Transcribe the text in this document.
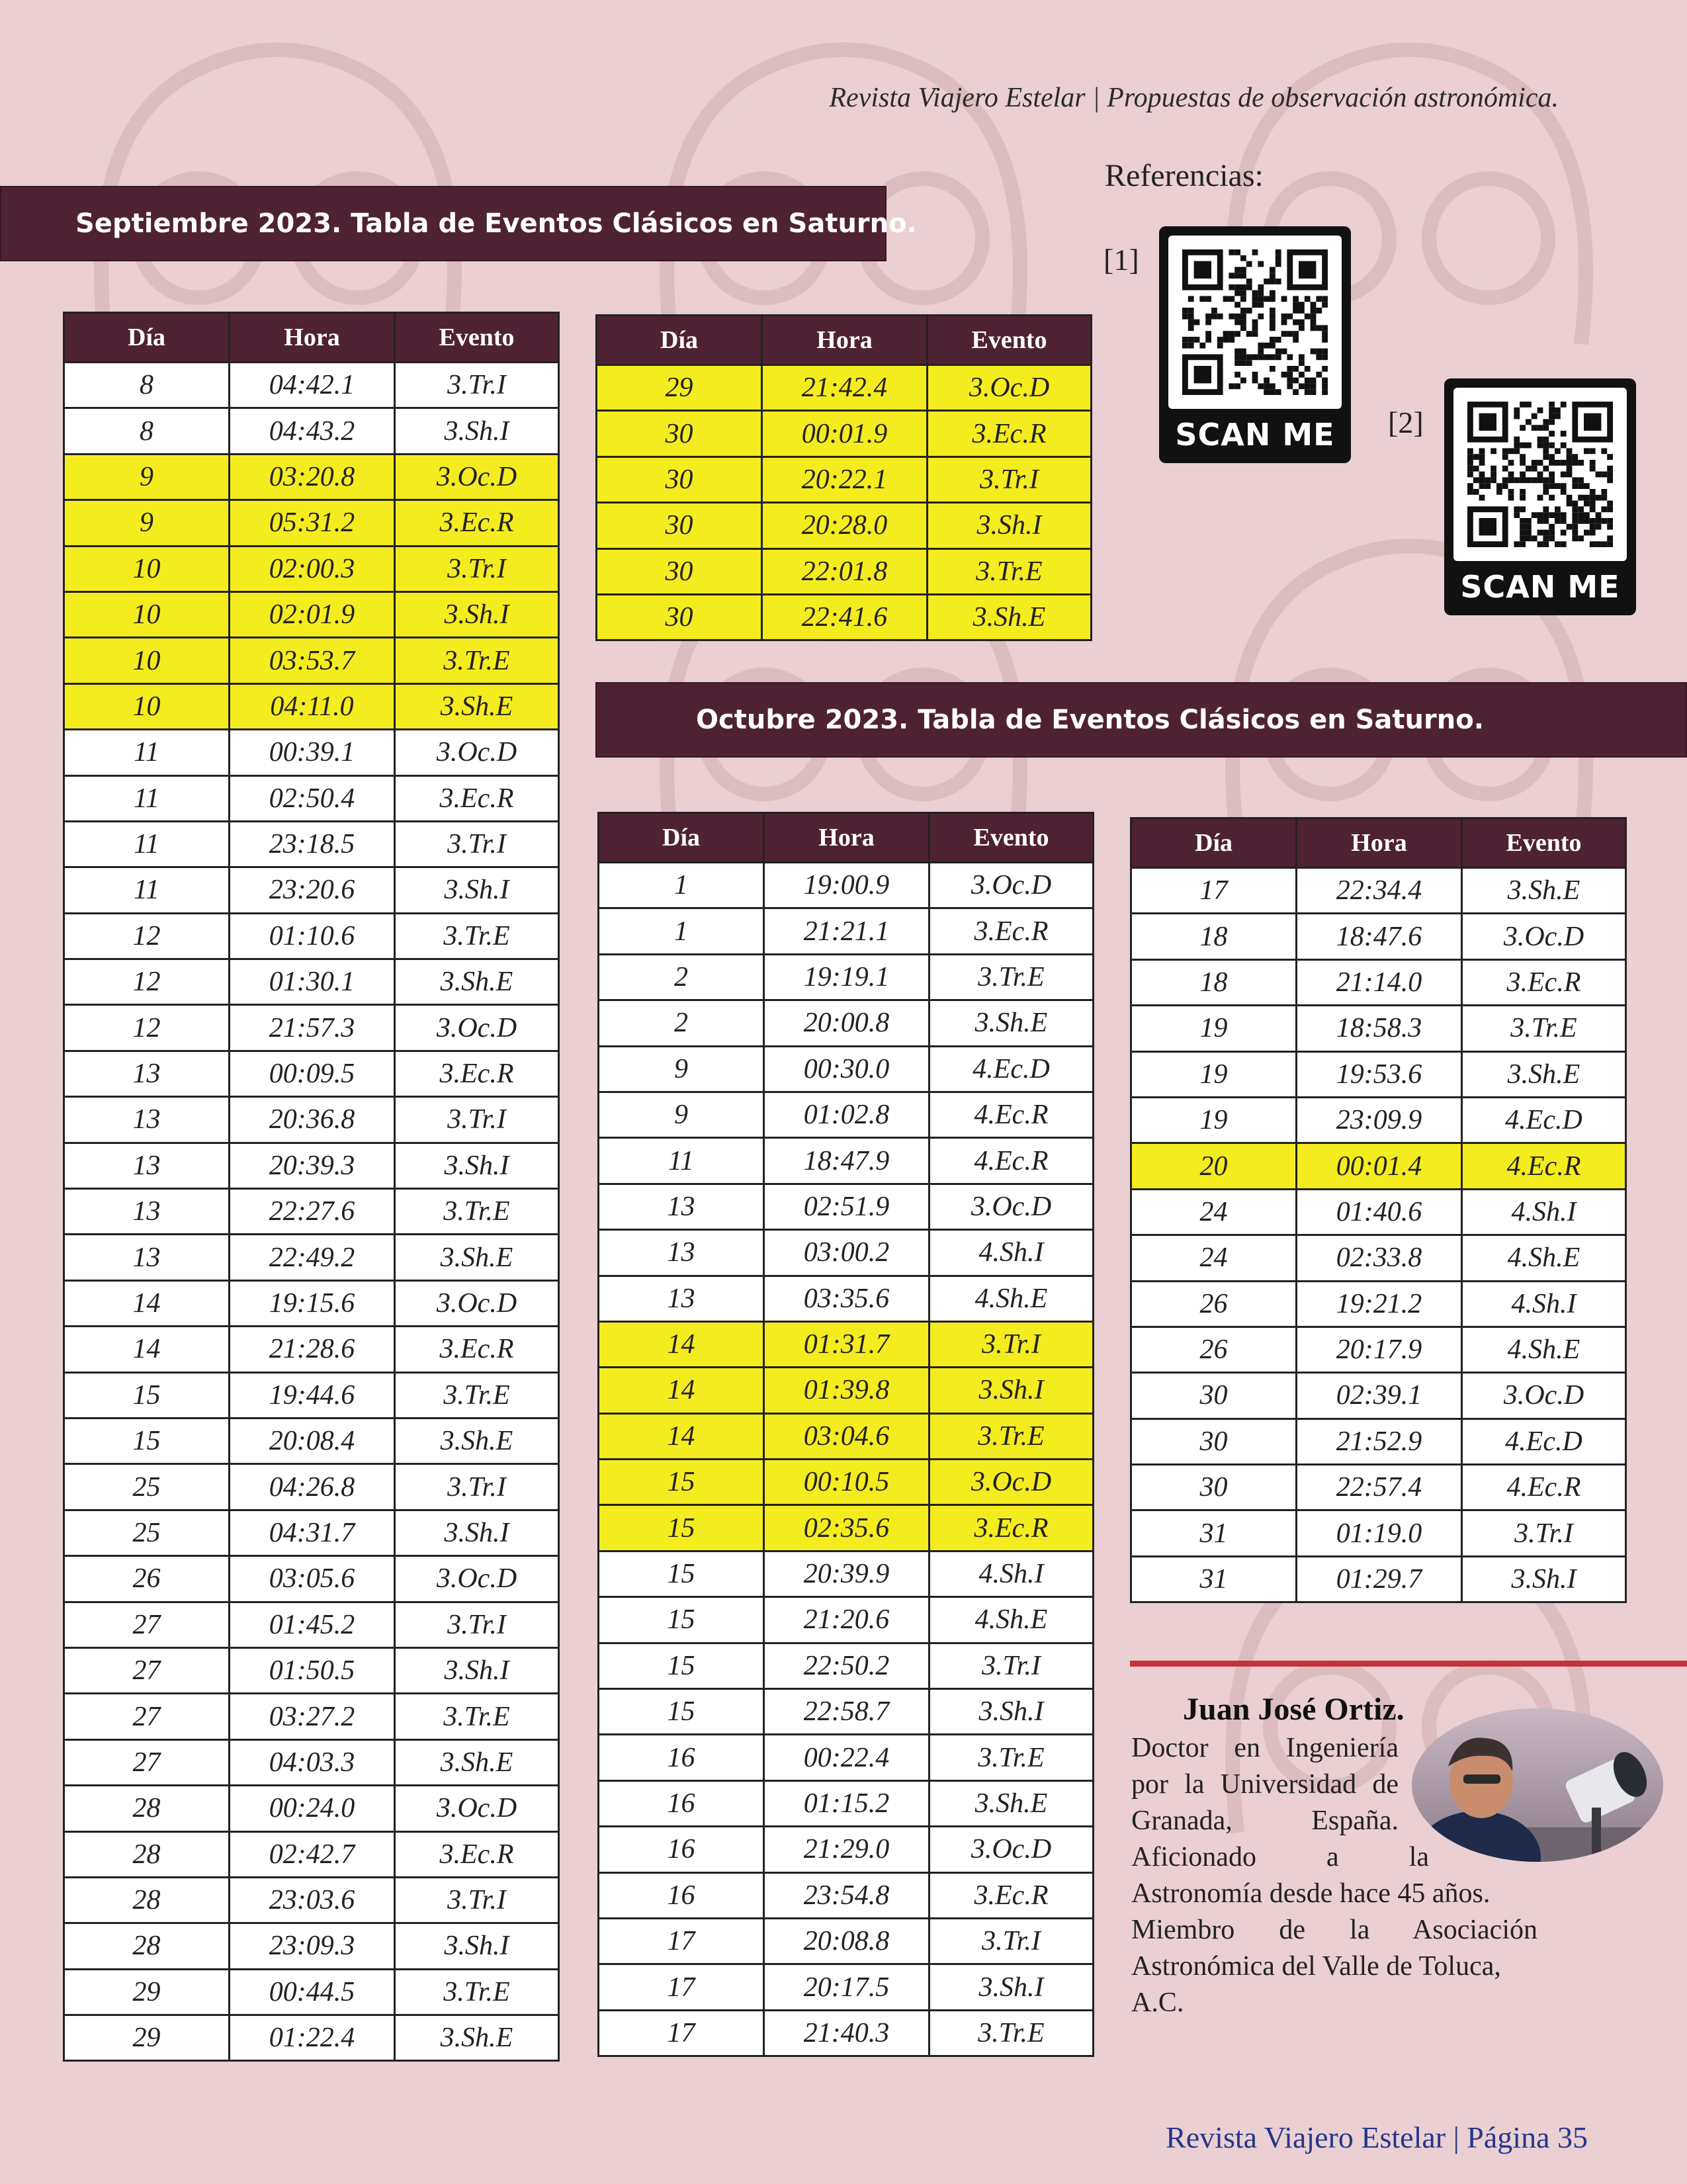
Revista Viajero Estelar | Propuestas de observación astronómica.
Septiembre 2023. Tabla de Eventos Clásicos en Saturno.
Día	Hora	Evento
8	04:42.1	3.Tr.I
8	04:43.2	3.Sh.I
9	03:20.8	3.Oc.D
9	05:31.2	3.Ec.R
10	02:00.3	3.Tr.I
10	02:01.9	3.Sh.I
10	03:53.7	3.Tr.E
10	04:11.0	3.Sh.E
11	00:39.1	3.Oc.D
11	02:50.4	3.Ec.R
11	23:18.5	3.Tr.I
11	23:20.6	3.Sh.I
12	01:10.6	3.Tr.E
12	01:30.1	3.Sh.E
12	21:57.3	3.Oc.D
13	00:09.5	3.Ec.R
13	20:36.8	3.Tr.I
13	20:39.3	3.Sh.I
13	22:27.6	3.Tr.E
13	22:49.2	3.Sh.E
14	19:15.6	3.Oc.D
14	21:28.6	3.Ec.R
15	19:44.6	3.Tr.E
15	20:08.4	3.Sh.E
25	04:26.8	3.Tr.I
25	04:31.7	3.Sh.I
26	03:05.6	3.Oc.D
27	01:45.2	3.Tr.I
27	01:50.5	3.Sh.I
27	03:27.2	3.Tr.E
27	04:03.3	3.Sh.E
28	00:24.0	3.Oc.D
28	02:42.7	3.Ec.R
28	23:03.6	3.Tr.I
28	23:09.3	3.Sh.I
29	00:44.5	3.Tr.E
29	01:22.4	3.Sh.E
Día	Hora	Evento
29	21:42.4	3.Oc.D
30	00:01.9	3.Ec.R
30	20:22.1	3.Tr.I
30	20:28.0	3.Sh.I
30	22:01.8	3.Tr.E
30	22:41.6	3.Sh.E
Referencias:
[1]
SCAN ME [2]
SCAN ME
Octubre 2023. Tabla de Eventos Clásicos en Saturno.
Día	Hora	Evento
1	19:00.9	3.Oc.D
1	21:21.1	3.Ec.R
2	19:19.1	3.Tr.E
2	20:00.8	3.Sh.E
9	00:30.0	4.Ec.D
9	01:02.8	4.Ec.R
11	18:47.9	4.Ec.R
13	02:51.9	3.Oc.D
13	03:00.2	4.Sh.I
13	03:35.6	4.Sh.E
14	01:31.7	3.Tr.I
14	01:39.8	3.Sh.I
14	03:04.6	3.Tr.E
15	00:10.5	3.Oc.D
15	02:35.6	3.Ec.R
15	20:39.9	4.Sh.I
15	21:20.6	4.Sh.E
15	22:50.2	3.Tr.I
15	22:58.7	3.Sh.I
16	00:22.4	3.Tr.E
16	01:15.2	3.Sh.E
16	21:29.0	3.Oc.D
16	23:54.8	3.Ec.R
17	20:08.8	3.Tr.I
17	20:17.5	3.Sh.I
17	21:40.3	3.Tr.E
Día	Hora	Evento
17	22:34.4	3.Sh.E
18	18:47.6	3.Oc.D
18	21:14.0	3.Ec.R
19	18:58.3	3.Tr.E
19	19:53.6	3.Sh.E
19	23:09.9	4.Ec.D
20	00:01.4	4.Ec.R
24	01:40.6	4.Sh.I
24	02:33.8	4.Sh.E
26	19:21.2	4.Sh.I
26	20:17.9	4.Sh.E
30	02:39.1	3.Oc.D
30	21:52.9	4.Ec.D
30	22:57.4	4.Ec.R
31	01:19.0	3.Tr.I
31	01:29.7	3.Sh.I
Juan José Ortiz.
Doctor en Ingeniería
por la Universidad de
Granada, España.
Aficionado a la
Astronomía desde hace 45 años.
Miembro de la Asociación
Astronómica del Valle de Toluca,
A.C.
Revista Viajero Estelar | Página 35
